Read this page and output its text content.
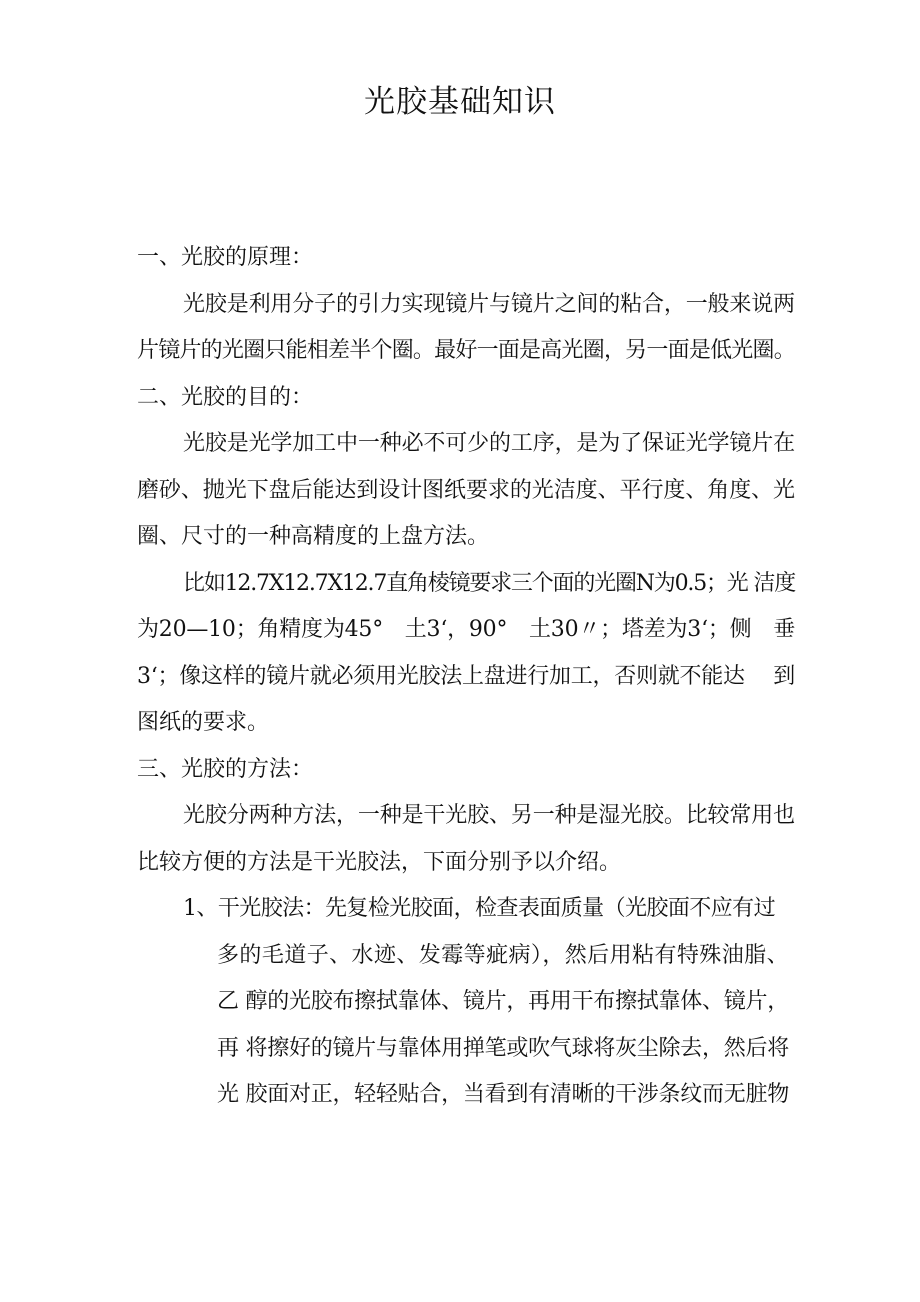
光胶基础知识
一、光胶的原理：
光胶是利用分子的引力实现镜片与镜片之间的粘合，一般来说两
片镜片的光圈只能相差半个圈。最好一面是高光圈，另一面是低光圈。
二、光胶的目的：
光胶是光学加工中一种必不可少的工序，是为了保证光学镜片在
磨砂、抛光下盘后能达到设计图纸要求的光洁度、平行度、角度、光
圈、尺寸的一种高精度的上盘方法。
比如12.7X12.7X12.7直角棱镜要求三个面的光圈N为0.5；光 洁度
为20—10；角精度为45°　土3‘，90°　土30〃；塔差为3‘；侧　垂
3‘；像这样的镜片就必须用光胶法上盘进行加工，否则就不能达　 到
图纸的要求。
三、光胶的方法：
光胶分两种方法，一种是干光胶、另一种是湿光胶。比较常用也
比较方便的方法是干光胶法，下面分别予以介绍。
1、干光胶法：先复检光胶面，检查表面质量（光胶面不应有过
多的毛道子、水迹、发霉等疵病），然后用粘有特殊油脂、
乙 醇的光胶布擦拭靠体、镜片，再用干布擦拭靠体、镜片，
再 将擦好的镜片与靠体用掸笔或吹气球将灰尘除去，然后将
光 胶面对正，轻轻贴合，当看到有清晰的干涉条纹而无脏物
